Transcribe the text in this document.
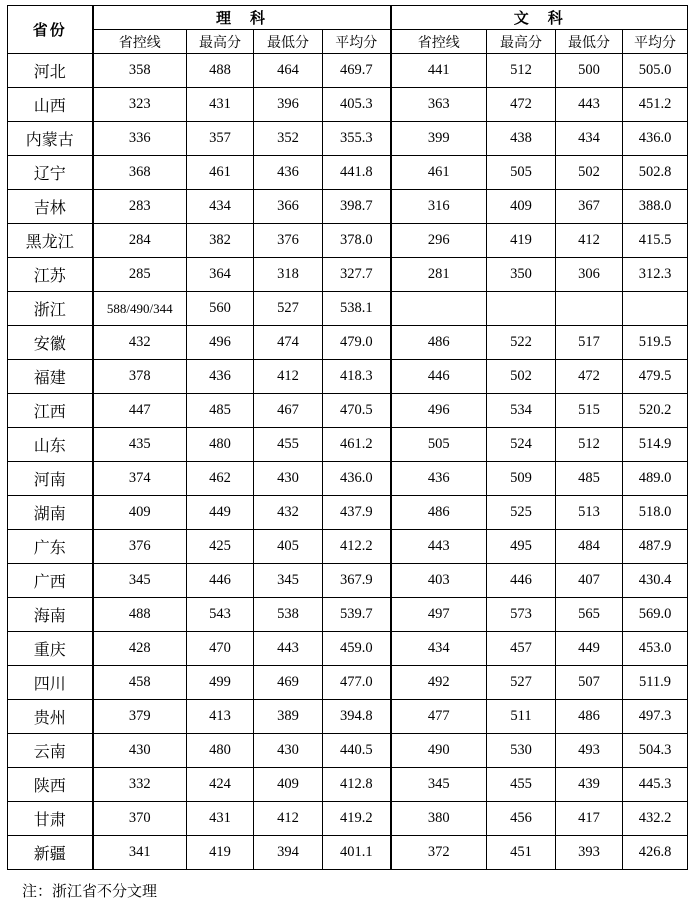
省份	理　科				文　科			
	省控线	最高分	最低分	平均分	省控线	最高分	最低分	平均分
河北	358	488	464	469.7	441	512	500	505.0
山西	323	431	396	405.3	363	472	443	451.2
内蒙古	336	357	352	355.3	399	438	434	436.0
辽宁	368	461	436	441.8	461	505	502	502.8
吉林	283	434	366	398.7	316	409	367	388.0
黑龙江	284	382	376	378.0	296	419	412	415.5
江苏	285	364	318	327.7	281	350	306	312.3
浙江	588/490/344	560	527	538.1				
安徽	432	496	474	479.0	486	522	517	519.5
福建	378	436	412	418.3	446	502	472	479.5
江西	447	485	467	470.5	496	534	515	520.2
山东	435	480	455	461.2	505	524	512	514.9
河南	374	462	430	436.0	436	509	485	489.0
湖南	409	449	432	437.9	486	525	513	518.0
广东	376	425	405	412.2	443	495	484	487.9
广西	345	446	345	367.9	403	446	407	430.4
海南	488	543	538	539.7	497	573	565	569.0
重庆	428	470	443	459.0	434	457	449	453.0
四川	458	499	469	477.0	492	527	507	511.9
贵州	379	413	389	394.8	477	511	486	497.3
云南	430	480	430	440.5	490	530	493	504.3
陕西	332	424	409	412.8	345	455	439	445.3
甘肃	370	431	412	419.2	380	456	417	432.2
新疆	341	419	394	401.1	372	451	393	426.8
注：浙江省不分文理
